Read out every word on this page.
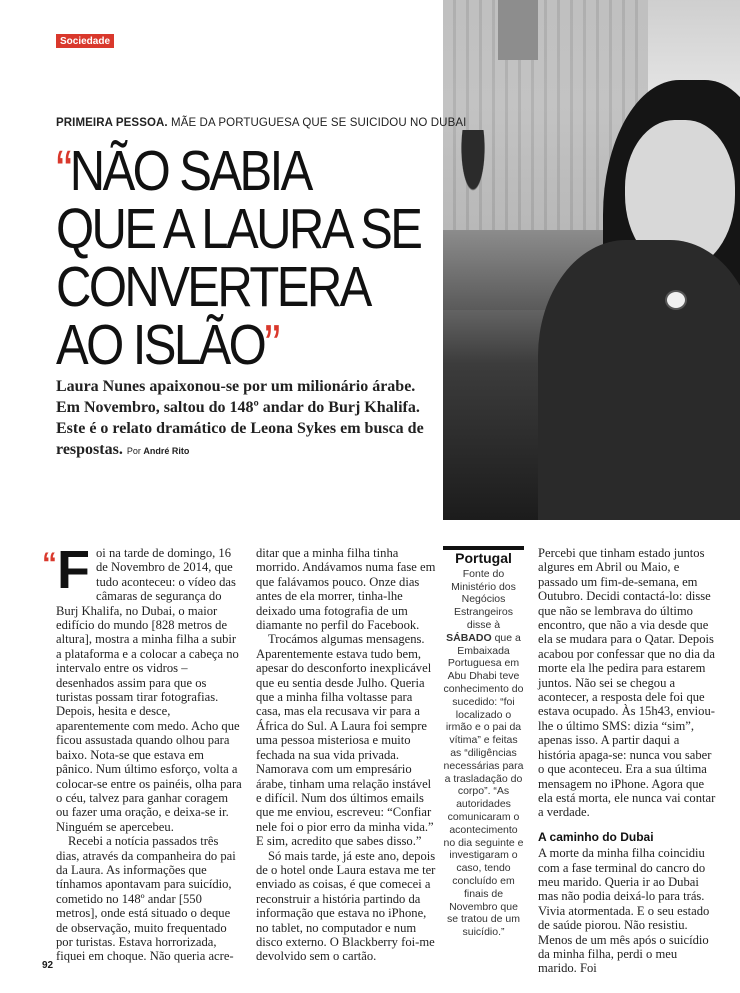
Sociedade
PRIMEIRA PESSOA. MÃE DA PORTUGUESA QUE SE SUICIDOU NO DUBAI
“NÃO SABIA
QUE A LAURA SE
CONVERTERA
AO ISLÃO”
Laura Nunes apaixonou-se por um milionário árabe. Em Novembro, saltou do 148º andar do Burj Khalifa. Este é o relato dramático de Leona Sykes em busca de respostas. Por André Rito

“F oi na tarde de domingo, 16 de Novembro de 2014, que tudo aconteceu: o vídeo das câmaras de segurança do Burj Khalifa, no Dubai, o maior edifício do mundo [828 metros de altura], mostra a minha filha a subir a plataforma e a colocar a cabeça no intervalo entre os vidros – desenhados assim para que os turistas possam tirar fotografias. Depois, hesita e desce, aparentemente com medo. Acho que ficou assustada quando olhou para baixo. Nota-se que estava em pânico. Num último esforço, volta a colocar-se entre os painéis, olha para o céu, talvez para ganhar coragem ou fazer uma oração, e deixa-se ir. Ninguém se apercebeu.

Recebi a notícia passados três dias, através da companheira do pai da Laura. As informações que tínhamos apontavam para suicídio, cometido no 148º andar [550 metros], onde está situado o deque de observação, muito frequentado por turistas. Estava horrorizada, fiquei em choque. Não queria acre-

ditar que a minha filha tinha morrido. Andávamos numa fase em que falávamos pouco. Onze dias antes de ela morrer, tinha-lhe deixado uma fotografia de um diamante no perfil do Facebook.

Trocámos algumas mensagens. Aparentemente estava tudo bem, apesar do desconforto inexplicável que eu sentia desde Julho. Queria que a minha filha voltasse para casa, mas ela recusava vir para a África do Sul. A Laura foi sempre uma pessoa misteriosa e muito fechada na sua vida privada. Namorava com um empresário árabe, tinham uma relação instável e difícil. Num dos últimos emails que me enviou, escreveu: “Confiar nele foi o pior erro da minha vida.” E sim, acredito que sabes disso.”

Só mais tarde, já este ano, depois de o hotel onde Laura estava me ter enviado as coisas, é que comecei a reconstruir a história partindo da informação que estava no iPhone, no tablet, no computador e num disco externo. O Blackberry foi-me devolvido sem o cartão.

Portugal
Fonte do Ministério dos Negócios Estrangeiros disse à SÁBADO que a Embaixada Portuguesa em Abu Dhabi teve conhecimento do sucedido: “foi localizado o irmão e o pai da vítima” e feitas as “diligências necessárias para a trasladação do corpo”. “As autoridades comunicaram o acontecimento no dia seguinte e investigaram o caso, tendo concluído em finais de Novembro que se tratou de um suicídio.”

Percebi que tinham estado juntos algures em Abril ou Maio, e passado um fim-de-semana, em Outubro. Decidi contactá-lo: disse que não se lembrava do último encontro, que não a via desde que ela se mudara para o Qatar. Depois acabou por confessar que no dia da morte ela lhe pedira para estarem juntos. Não sei se chegou a acontecer, a resposta dele foi que estava ocupado. Às 15h43, enviou-lhe o último SMS: dizia “sim”, apenas isso. A partir daqui a história apaga-se: nunca vou saber o que aconteceu. Era a sua última mensagem no iPhone. Agora que ela está morta, ele nunca vai contar a verdade.

A caminho do Dubai

A morte da minha filha coincidiu com a fase terminal do cancro do meu marido. Queria ir ao Dubai mas não podia deixá-lo para trás. Vivia atormentada. E o seu estado de saúde piorou. Não resistiu. Menos de um mês após o suicídio da minha filha, perdi o meu marido. Foi

92
